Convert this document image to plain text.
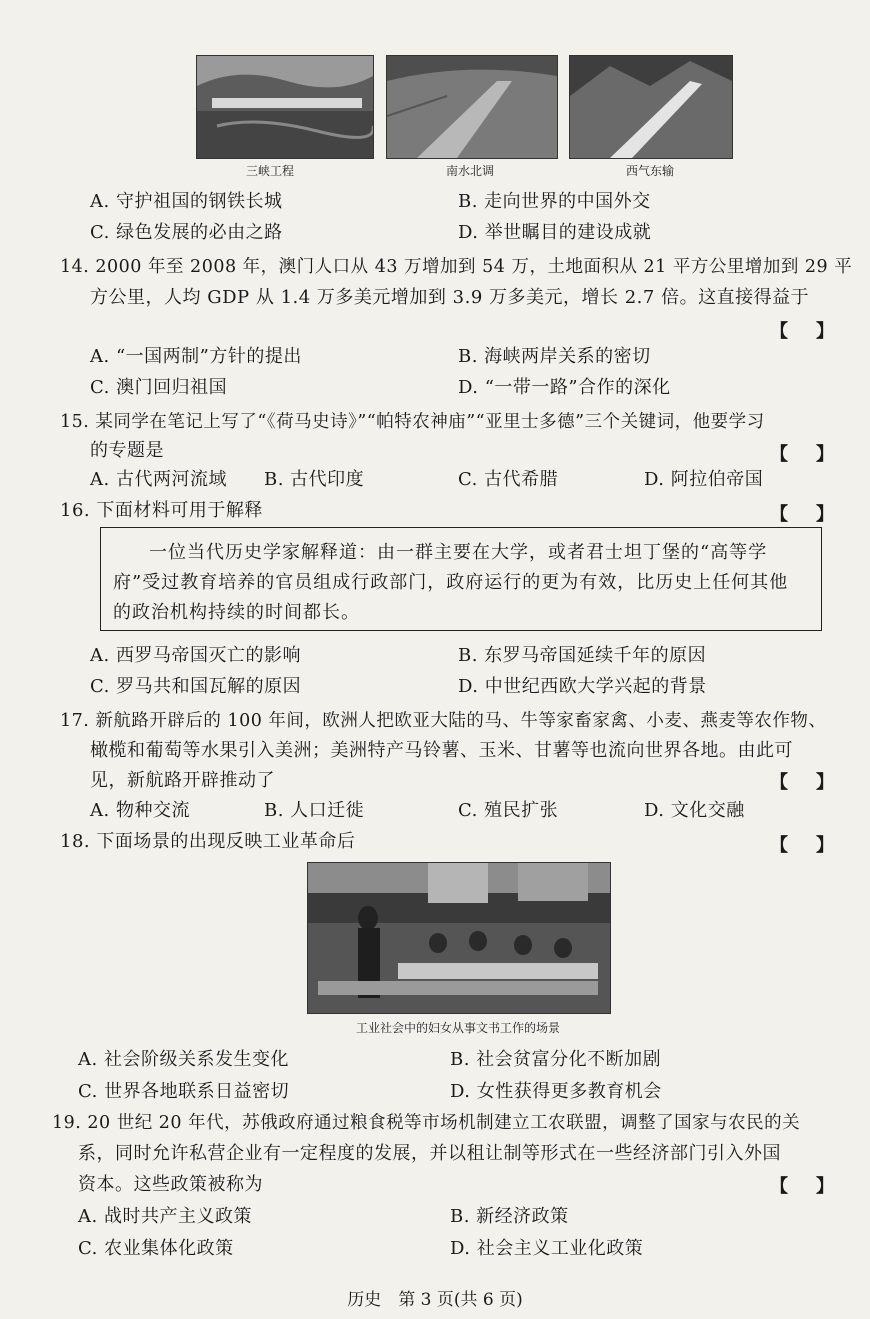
三峡工程	南水北调	西气东输
A. 守护祖国的钢铁长城	B. 走向世界的中国外交
C. 绿色发展的必由之路	D. 举世瞩目的建设成就
14. 2000 年至 2008 年，澳门人口从 43 万增加到 54 万，土地面积从 21 平方公里增加到 29 平
方公里，人均 GDP 从 1.4 万多美元增加到 3.9 万多美元，增长 2.7 倍。这直接得益于
【】
A. “一国两制”方针的提出	B. 海峡两岸关系的密切
C. 澳门回归祖国	D. “一带一路”合作的深化
15. 某同学在笔记上写了“《荷马史诗》”“帕特农神庙”“亚里士多德”三个关键词，他要学习
的专题是	【】
A. 古代两河流域 B. 古代印度	C. 古代希腊	D. 阿拉伯帝国
16. 下面材料可用于解释	【】

一位当代历史学家解释道：由一群主要在大学，或者君士坦丁堡的“高等学

府”受过教育培养的官员组成行政部门，政府运行的更为有效，比历史上任何其他

的政治机构持续的时间都长。

A. 西罗马帝国灭亡的影响	B. 东罗马帝国延续千年的原因
C. 罗马共和国瓦解的原因	D. 中世纪西欧大学兴起的背景
17. 新航路开辟后的 100 年间，欧洲人把欧亚大陆的马、牛等家畜家禽、小麦、燕麦等农作物、
橄榄和葡萄等水果引入美洲；美洲特产马铃薯、玉米、甘薯等也流向世界各地。由此可
见，新航路开辟推动了	【】
A. 物种交流	B. 人口迁徙	C. 殖民扩张	D. 文化交融
18. 下面场景的出现反映工业革命后	【】
工业社会中的妇女从事文书工作的场景
A. 社会阶级关系发生变化	B. 社会贫富分化不断加剧
C. 世界各地联系日益密切	D. 女性获得更多教育机会
19. 20 世纪 20 年代，苏俄政府通过粮食税等市场机制建立工农联盟，调整了国家与农民的关
系，同时允许私营企业有一定程度的发展，并以租让制等形式在一些经济部门引入外国
资本。这些政策被称为	【】
A. 战时共产主义政策	B. 新经济政策
C. 农业集体化政策	D. 社会主义工业化政策
历史　第 3 页(共 6 页)
